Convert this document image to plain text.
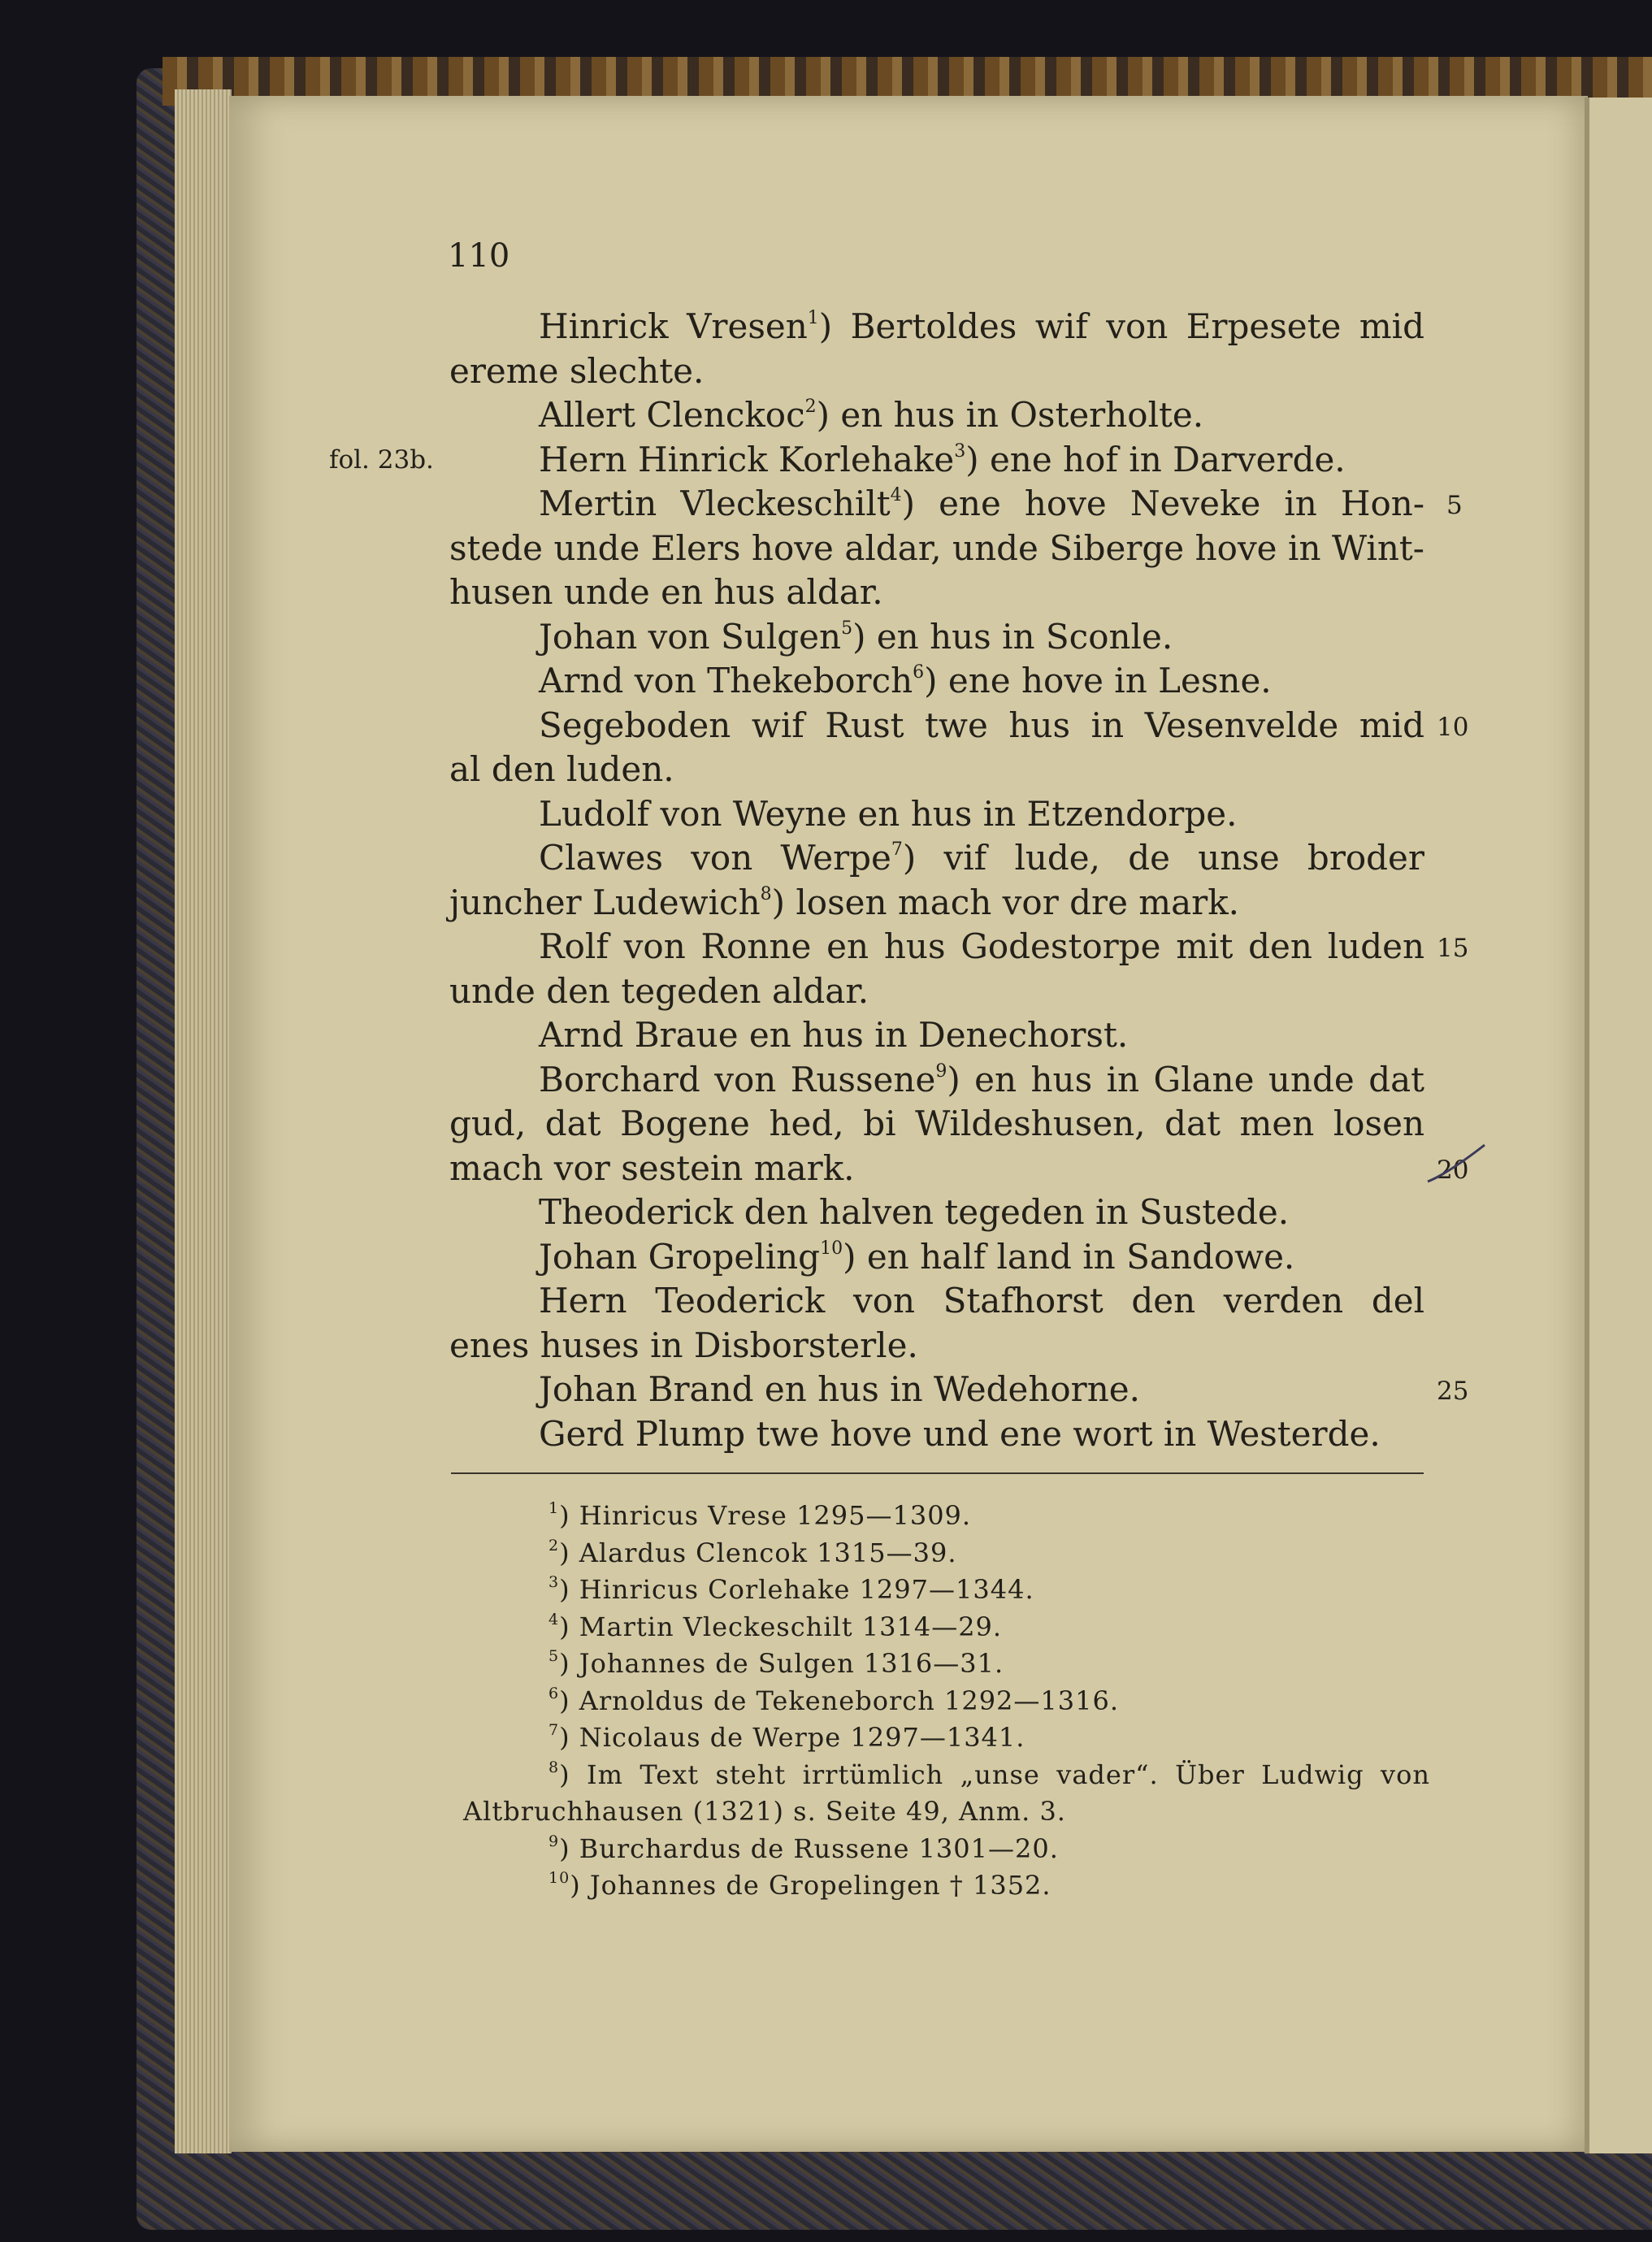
110
fol. 23b.
Hinrick Vresen$^1$) Bertoldes wif von Erpesete mid
ereme slechte.
Allert Clenckoc$^2$) en hus in Osterholte.
Hern Hinrick Korlehake$^3$) ene hof in Darverde.
Mertin Vleckeschilt$^4$) ene hove Neveke in Hon-
stede unde Elers hove aldar, unde Siberge hove in Wint-
husen unde en hus aldar.
Johan von Sulgen$^5$) en hus in Sconle.
Arnd von Thekeborch$^6$) ene hove in Lesne.
Segeboden wif Rust twe hus in Vesenvelde mid
al den luden.
Ludolf von Weyne en hus in Etzendorpe.
Clawes von Werpe$^7$) vif lude, de unse broder
juncher Ludewich$^8$) losen mach vor dre mark.
Rolf von Ronne en hus Godestorpe mit den luden
unde den tegeden aldar.
Arnd Braue en hus in Denechorst.
Borchard von Russene$^9$) en hus in Glane unde dat
gud, dat Bogene hed, bi Wildeshusen, dat men losen
mach vor sestein mark.
Theoderick den halven tegeden in Sustede.
Johan Gropeling$^{10}$) en half land in Sandowe.
Hern Teoderick von Stafhorst den verden del
enes huses in Disborsterle.
Johan Brand en hus in Wedehorne.
Gerd Plump twe hove und ene wort in Westerde.
5
10
15
20
25
$^1$) Hinricus Vrese 1295—1309.
$^2$) Alardus Clencok 1315—39.
$^3$) Hinricus Corlehake 1297—1344.
$^4$) Martin Vleckeschilt 1314—29.
$^5$) Johannes de Sulgen 1316—31.
$^6$) Arnoldus de Tekeneborch 1292—1316.
$^7$) Nicolaus de Werpe 1297—1341.
$^8$) Im Text steht irrtümlich „unse vader“. Über Ludwig von
Altbruchhausen (1321) s. Seite 49, Anm. 3.
$^9$) Burchardus de Russene 1301—20.
$^{10}$) Johannes de Gropelingen † 1352.
